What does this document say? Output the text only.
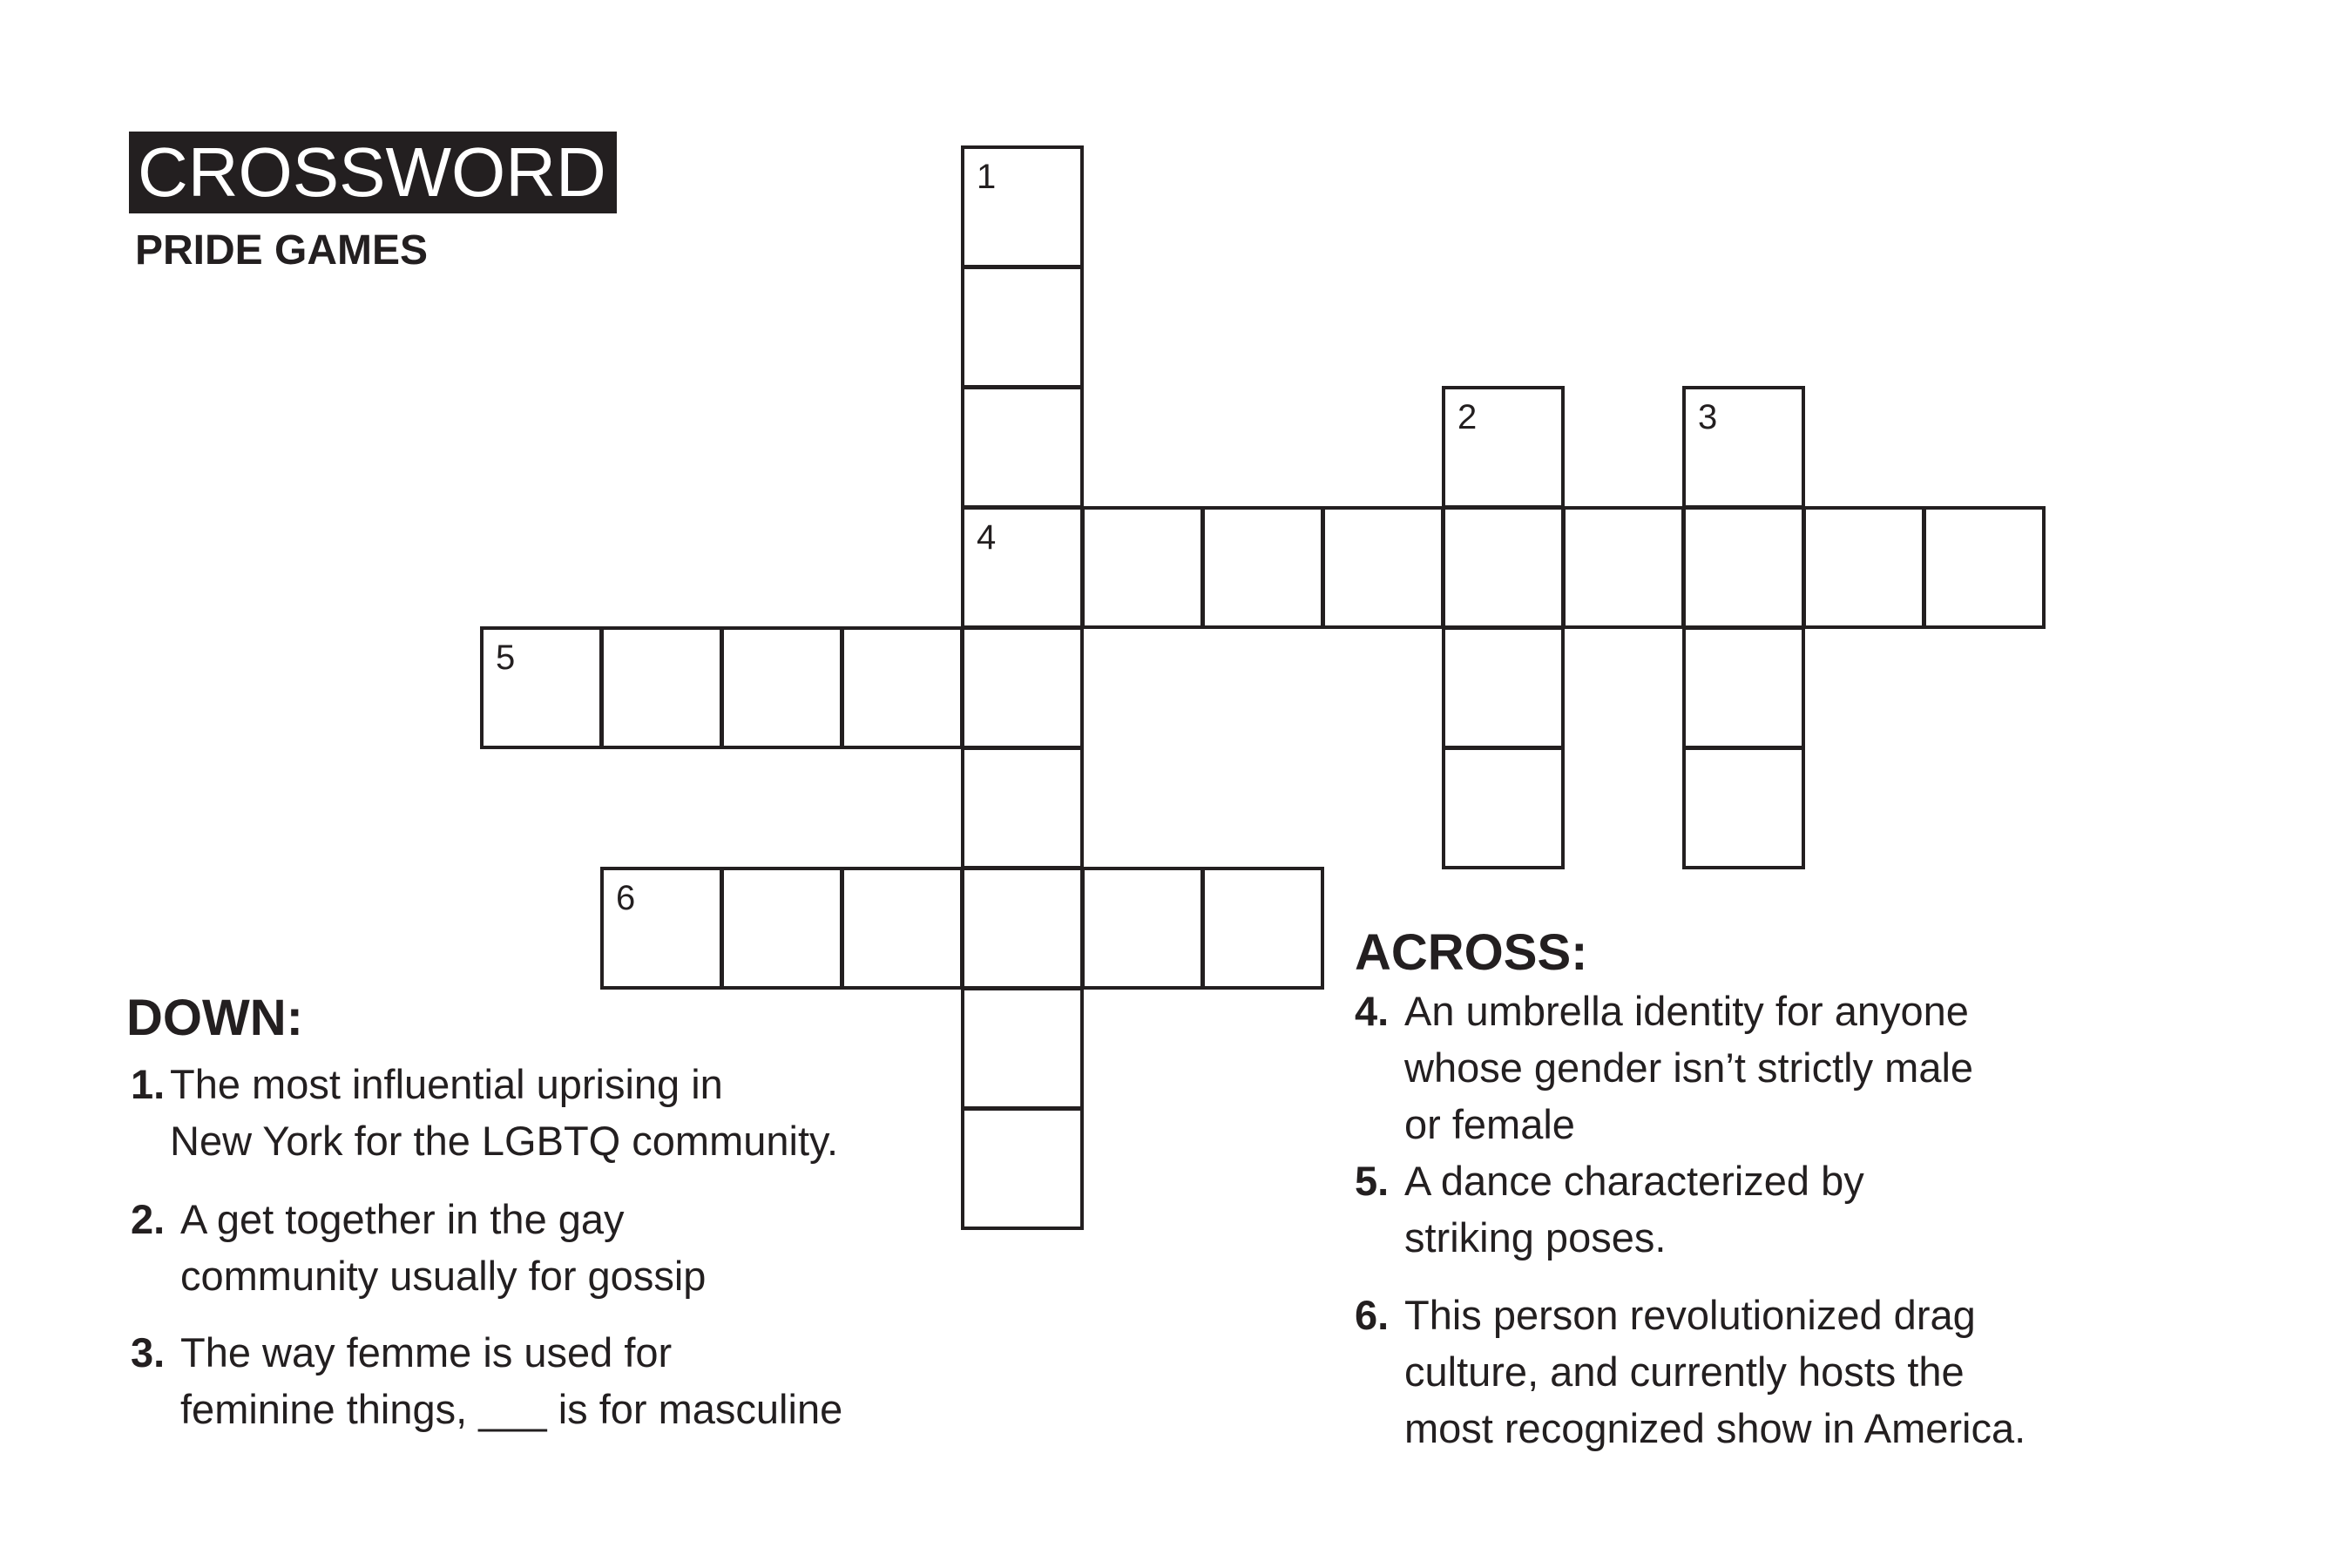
CROSSWORD
PRIDE GAMES
1
2	3
4
5
6
DOWN:
1. The most influential uprising in
New York for the LGBTQ community.
2. A get together in the gay
community usually for gossip
3. The way femme is used for
feminine things, ___ is for masculine
ACROSS:
4. An umbrella identity for anyone
whose gender isn’t strictly male
or female
5. A dance characterized by
striking poses.
6. This person revolutionized drag
culture, and currently hosts the
most recognized show in America.
